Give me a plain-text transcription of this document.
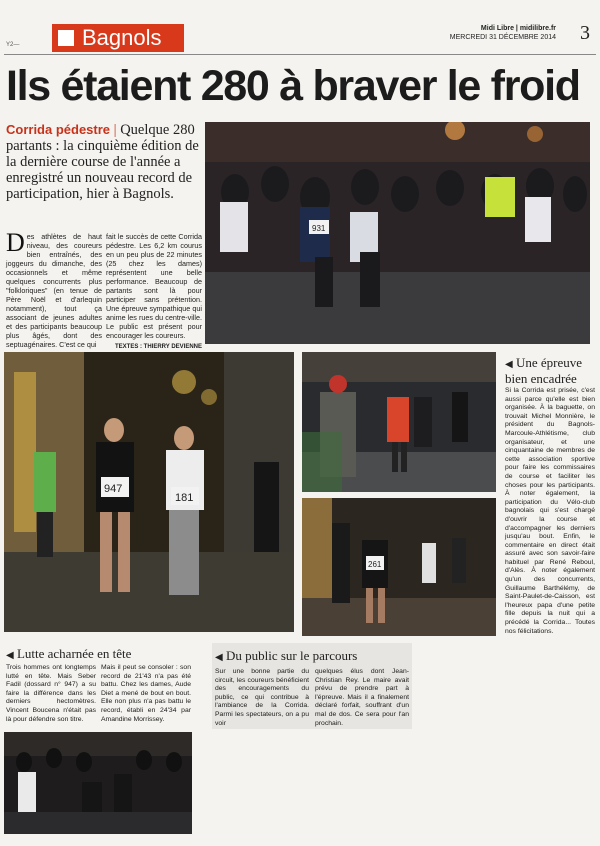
Y2—	Bagnols	Midi Libre | midilibre.fr
MERCREDI 31 DÉCEMBRE 2014 3
Ils étaient 280 à braver le froid
Corrida pédestre | Quelque 280 partants : la cinquième édition de la dernière course de l'année a enregistré un nouveau record de participation, hier à Bagnols.
Des athlètes de haut niveau, des coureurs bien entraînés, des joggeurs du dimanche, des occasionnels et même quelques concurrents plus "folkloriques" (en tenue de Père Noël et d'arlequin notamment), tout ça associant de jeunes adultes et des participants beaucoup plus âgés, dont des septuagénaires. C'est ce qui
fait le succès de cette Corrida pédestre. Les 6,2 km courus en un peu plus de 22 minutes (25 chez les dames) représentent une belle performance. Beaucoup de partants sont là pour participer sans prétention. Une épreuve sympathique qui anime les rues du centre-ville. Le public est présent pour encourager les coureurs.
TEXTES : THIERRY DEVIENNE
931
947
181
261
◀ Une épreuve bien encadrée
Si la Corrida est prisée, c'est aussi parce qu'elle est bien organisée. À la baguette, on trouvait Michel Monnière, le président du Bagnols-Marcoule-Athlétisme, club organisateur, et une cinquantaine de membres de cette association sportive pour faire les commissaires de course et faciliter les choses pour les participants. À noter également, la participation du Vélo-club bagnolais qui s'est chargé d'ouvrir la course et d'accompagner les derniers jusqu'au bout. Enfin, le commentaire en direct était assuré avec son savoir-faire habituel par René Reboul, d'Alès. À noter également qu'un des concurrents, Guillaume Barthélémy, de Saint-Paulet-de-Caisson, est l'heureux papa d'une petite fille depuis la nuit qui a précédé la Corrida... Toutes nos félicitations.
◀ Lutte acharnée en tête
Trois hommes ont longtemps lutté en tête. Mais Seber Fadil (dossard n° 947) a su faire la différence dans les derniers hectomètres. Vincent Boucena n'était pas là pour défendre son titre.
Mais il peut se consoler : son record de 21'43 n'a pas été battu. Chez les dames, Aude Diet a mené de bout en bout. Elle non plus n'a pas battu le record, établi en 24'34 par Amandine Morrissey.
◀ Du public sur le parcours
Sur une bonne partie du circuit, les coureurs bénéficient des encouragements du public, ce qui contribue à l'ambiance de la Corrida. Parmi les spectateurs, on a pu voir
quelques élus dont Jean-Christian Rey. Le maire avait prévu de prendre part à l'épreuve. Mais il a finalement déclaré forfait, souffrant d'un mal de dos. Ce sera pour l'an prochain.
